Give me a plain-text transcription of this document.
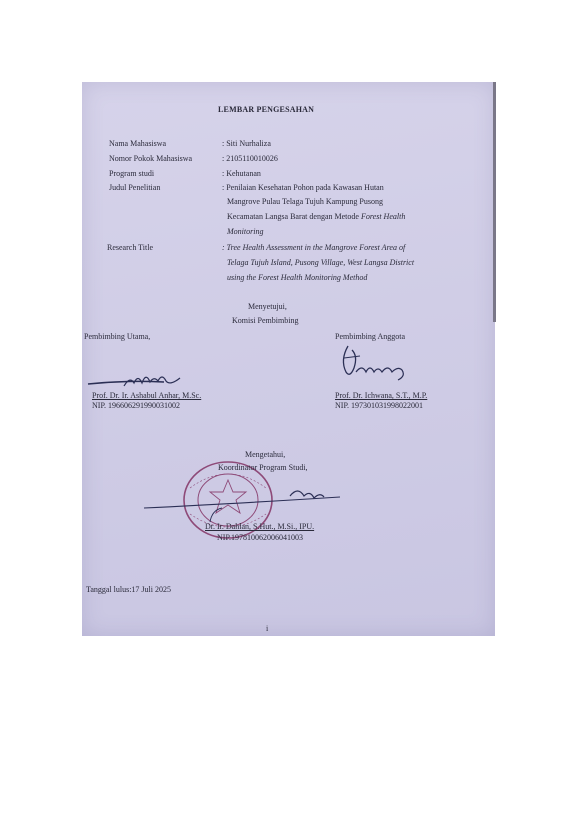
LEMBAR PENGESAHAN
Nama Mahasiswa
Nomor Pokok Mahasiswa
Program studi
Judul Penelitian
Research Title
: Siti Nurhaliza
: 2105110010026
: Kehutanan
: Penilaian Kesehatan Pohon pada Kawasan Hutan
Mangrove Pulau Telaga Tujuh Kampung Pusong
Kecamatan Langsa Barat dengan Metode Forest Health
Monitoring
: Tree Health Assessment in the Mangrove Forest Area of
Telaga Tujuh Island, Pusong Village, West Langsa District
using the Forest Health Monitoring Method
Menyetujui,
Komisi Pembimbing
Pembimbing Utama,	Pembimbing Anggota
Prof. Dr. Ir. Ashabul Anhar, M.Sc.
NIP. 196606291990031002
Prof. Dr. Ichwana, S.T., M.P.
NIP. 197301031998022001
Mengetahui,
Koordinator Program Studi,
Dr. Ir. Dahlan, S.Hut., M.Si., IPU.
NIP.197810062006041003
Tanggal lulus:17 Juli 2025
i
